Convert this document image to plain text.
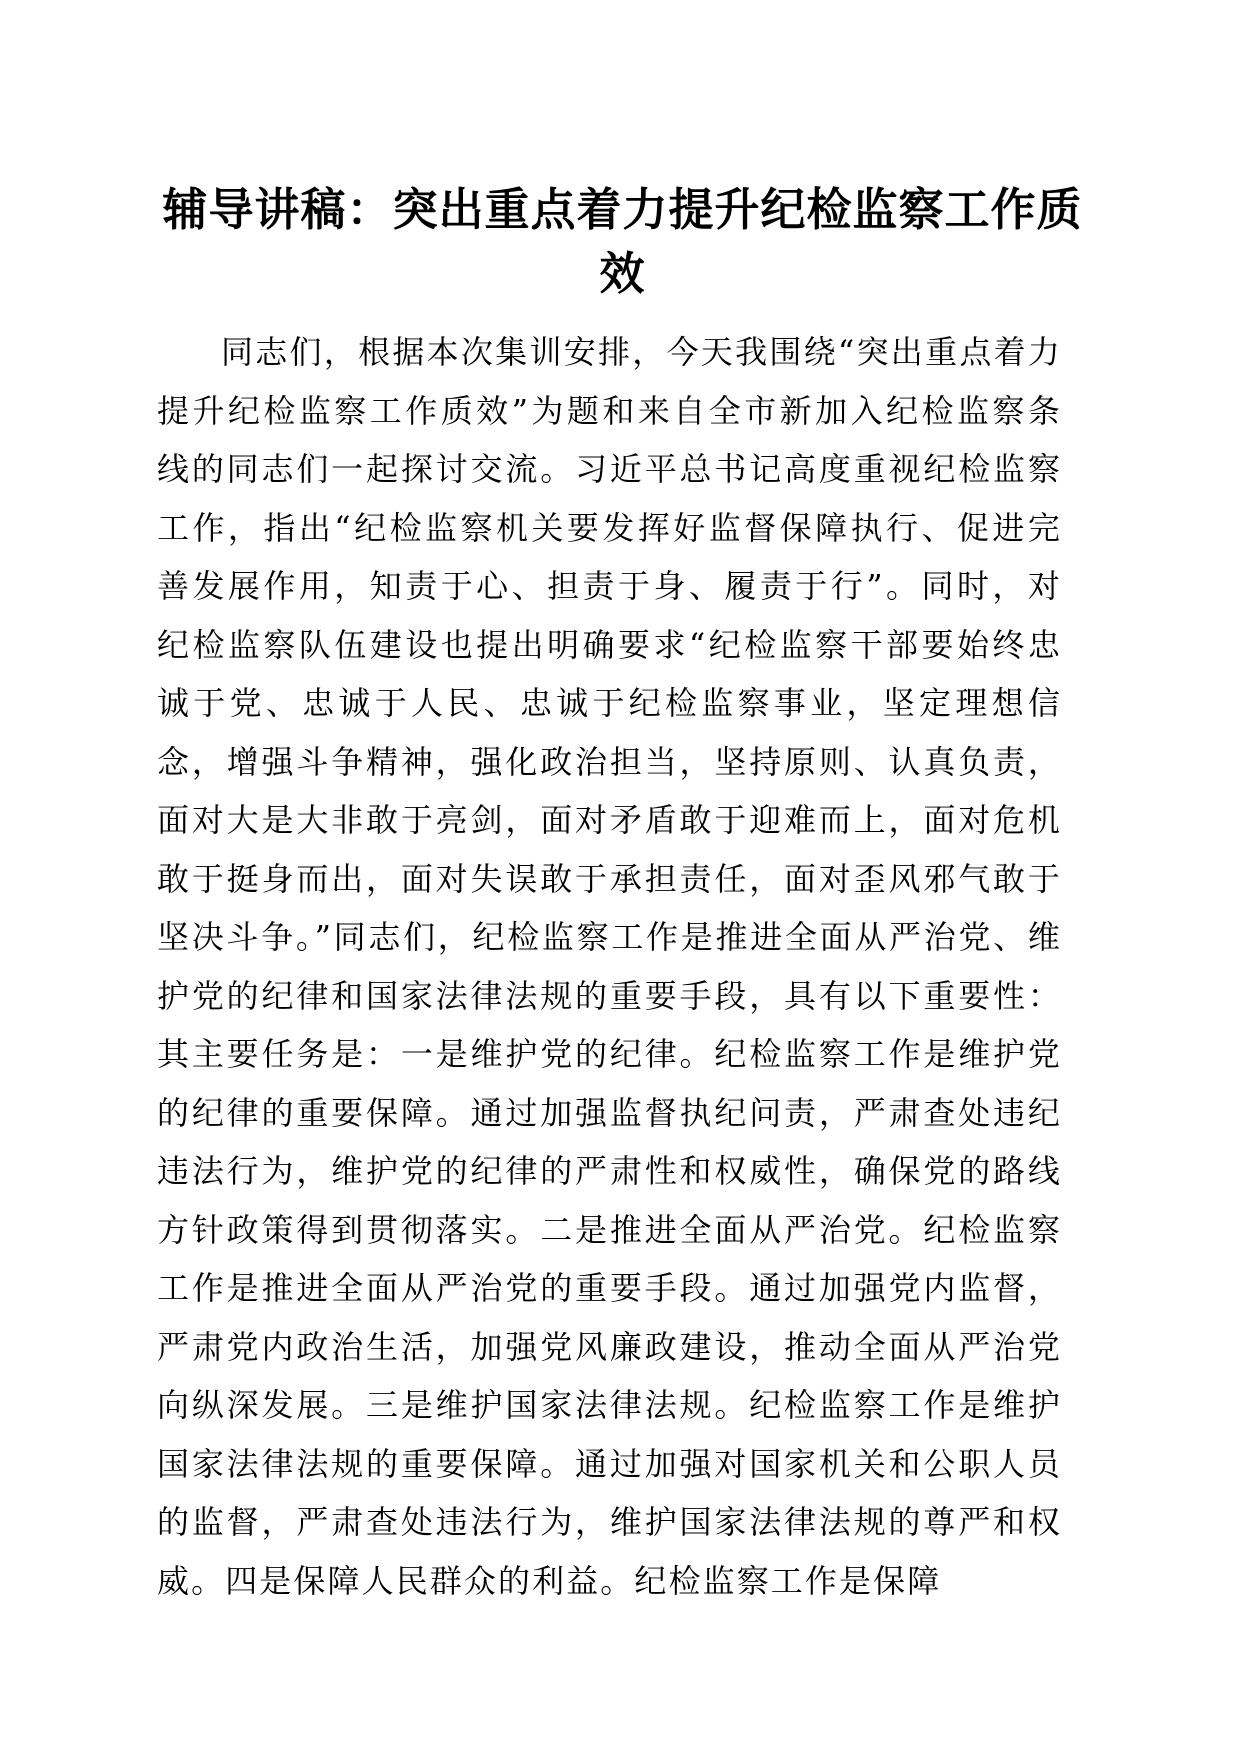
辅导讲稿：突出重点着力提升纪检监察工作质效

同志们，根据本次集训安排，今天我围绕“突出重点着力提升纪检监察工作质效”为题和来自全市新加入纪检监察条线的同志们一起探讨交流。习近平总书记高度重视纪检监察工作，指出“纪检监察机关要发挥好监督保障执行、促进完善发展作用，知责于心、担责于身、履责于行”。同时，对纪检监察队伍建设也提出明确要求“纪检监察干部要始终忠诚于党、忠诚于人民、忠诚于纪检监察事业，坚定理想信念，增强斗争精神，强化政治担当，坚持原则、认真负责，面对大是大非敢于亮剑，面对矛盾敢于迎难而上，面对危机敢于挺身而出，面对失误敢于承担责任，面对歪风邪气敢于坚决斗争。”同志们，纪检监察工作是推进全面从严治党、维护党的纪律和国家法律法规的重要手段，具有以下重要性：其主要任务是：一是维护党的纪律。纪检监察工作是维护党的纪律的重要保障。通过加强监督执纪问责，严肃查处违纪违法行为，维护党的纪律的严肃性和权威性，确保党的路线方针政策得到贯彻落实。二是推进全面从严治党。纪检监察工作是推进全面从严治党的重要手段。通过加强党内监督，严肃党内政治生活，加强党风廉政建设，推动全面从严治党向纵深发展。三是维护国家法律法规。纪检监察工作是维护国家法律法规的重要保障。通过加强对国家机关和公职人员的监督，严肃查处违法行为，维护国家法律法规的尊严和权威。四是保障人民群众的利益。纪检监察工作是保障
